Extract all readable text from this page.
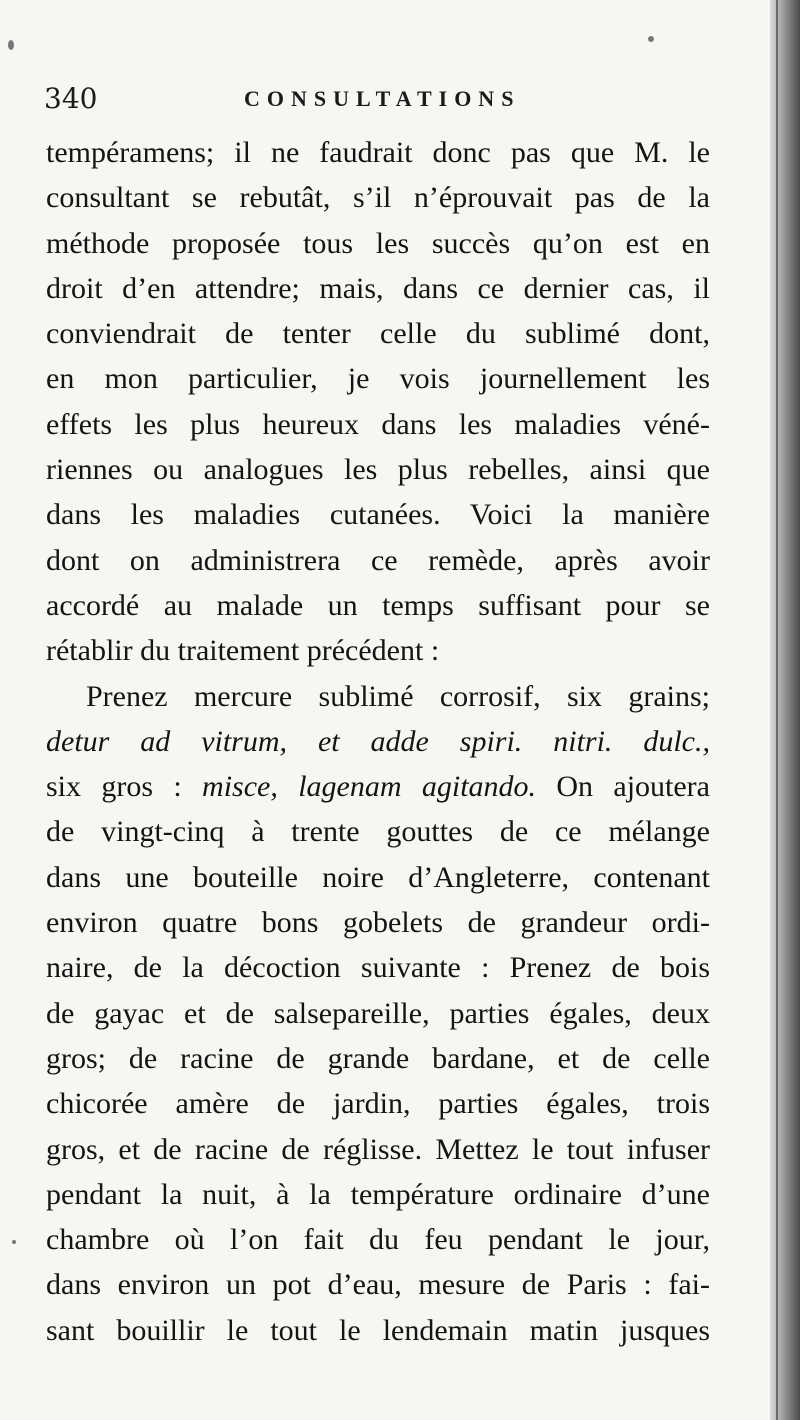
340	CONSULTATIONS
tempéramens; il ne faudrait donc pas que M. le
consultant se rebutât, s’il n’éprouvait pas de la
méthode proposée tous les succès qu’on est en
droit d’en attendre; mais, dans ce dernier cas, il
conviendrait de tenter celle du sublimé dont,
en mon particulier, je vois journellement les
effets les plus heureux dans les maladies véné-
riennes ou analogues les plus rebelles, ainsi que
dans les maladies cutanées. Voici la manière
dont on administrera ce remède, après avoir
accordé au malade un temps suffisant pour se
rétablir du traitement précédent :
Prenez mercure sublimé corrosif, six grains;
detur ad vitrum, et adde spiri. nitri. dulc.,
six gros : misce, lagenam agitando. On ajoutera
de vingt-cinq à trente gouttes de ce mélange
dans une bouteille noire d’Angleterre, contenant
environ quatre bons gobelets de grandeur ordi-
naire, de la décoction suivante : Prenez de bois
de gayac et de salsepareille, parties égales, deux
gros; de racine de grande bardane, et de celle
chicorée amère de jardin, parties égales, trois
gros, et de racine de réglisse. Mettez le tout infuser
pendant la nuit, à la température ordinaire d’une
chambre où l’on fait du feu pendant le jour,
dans environ un pot d’eau, mesure de Paris : fai-
sant bouillir le tout le lendemain matin jusques
